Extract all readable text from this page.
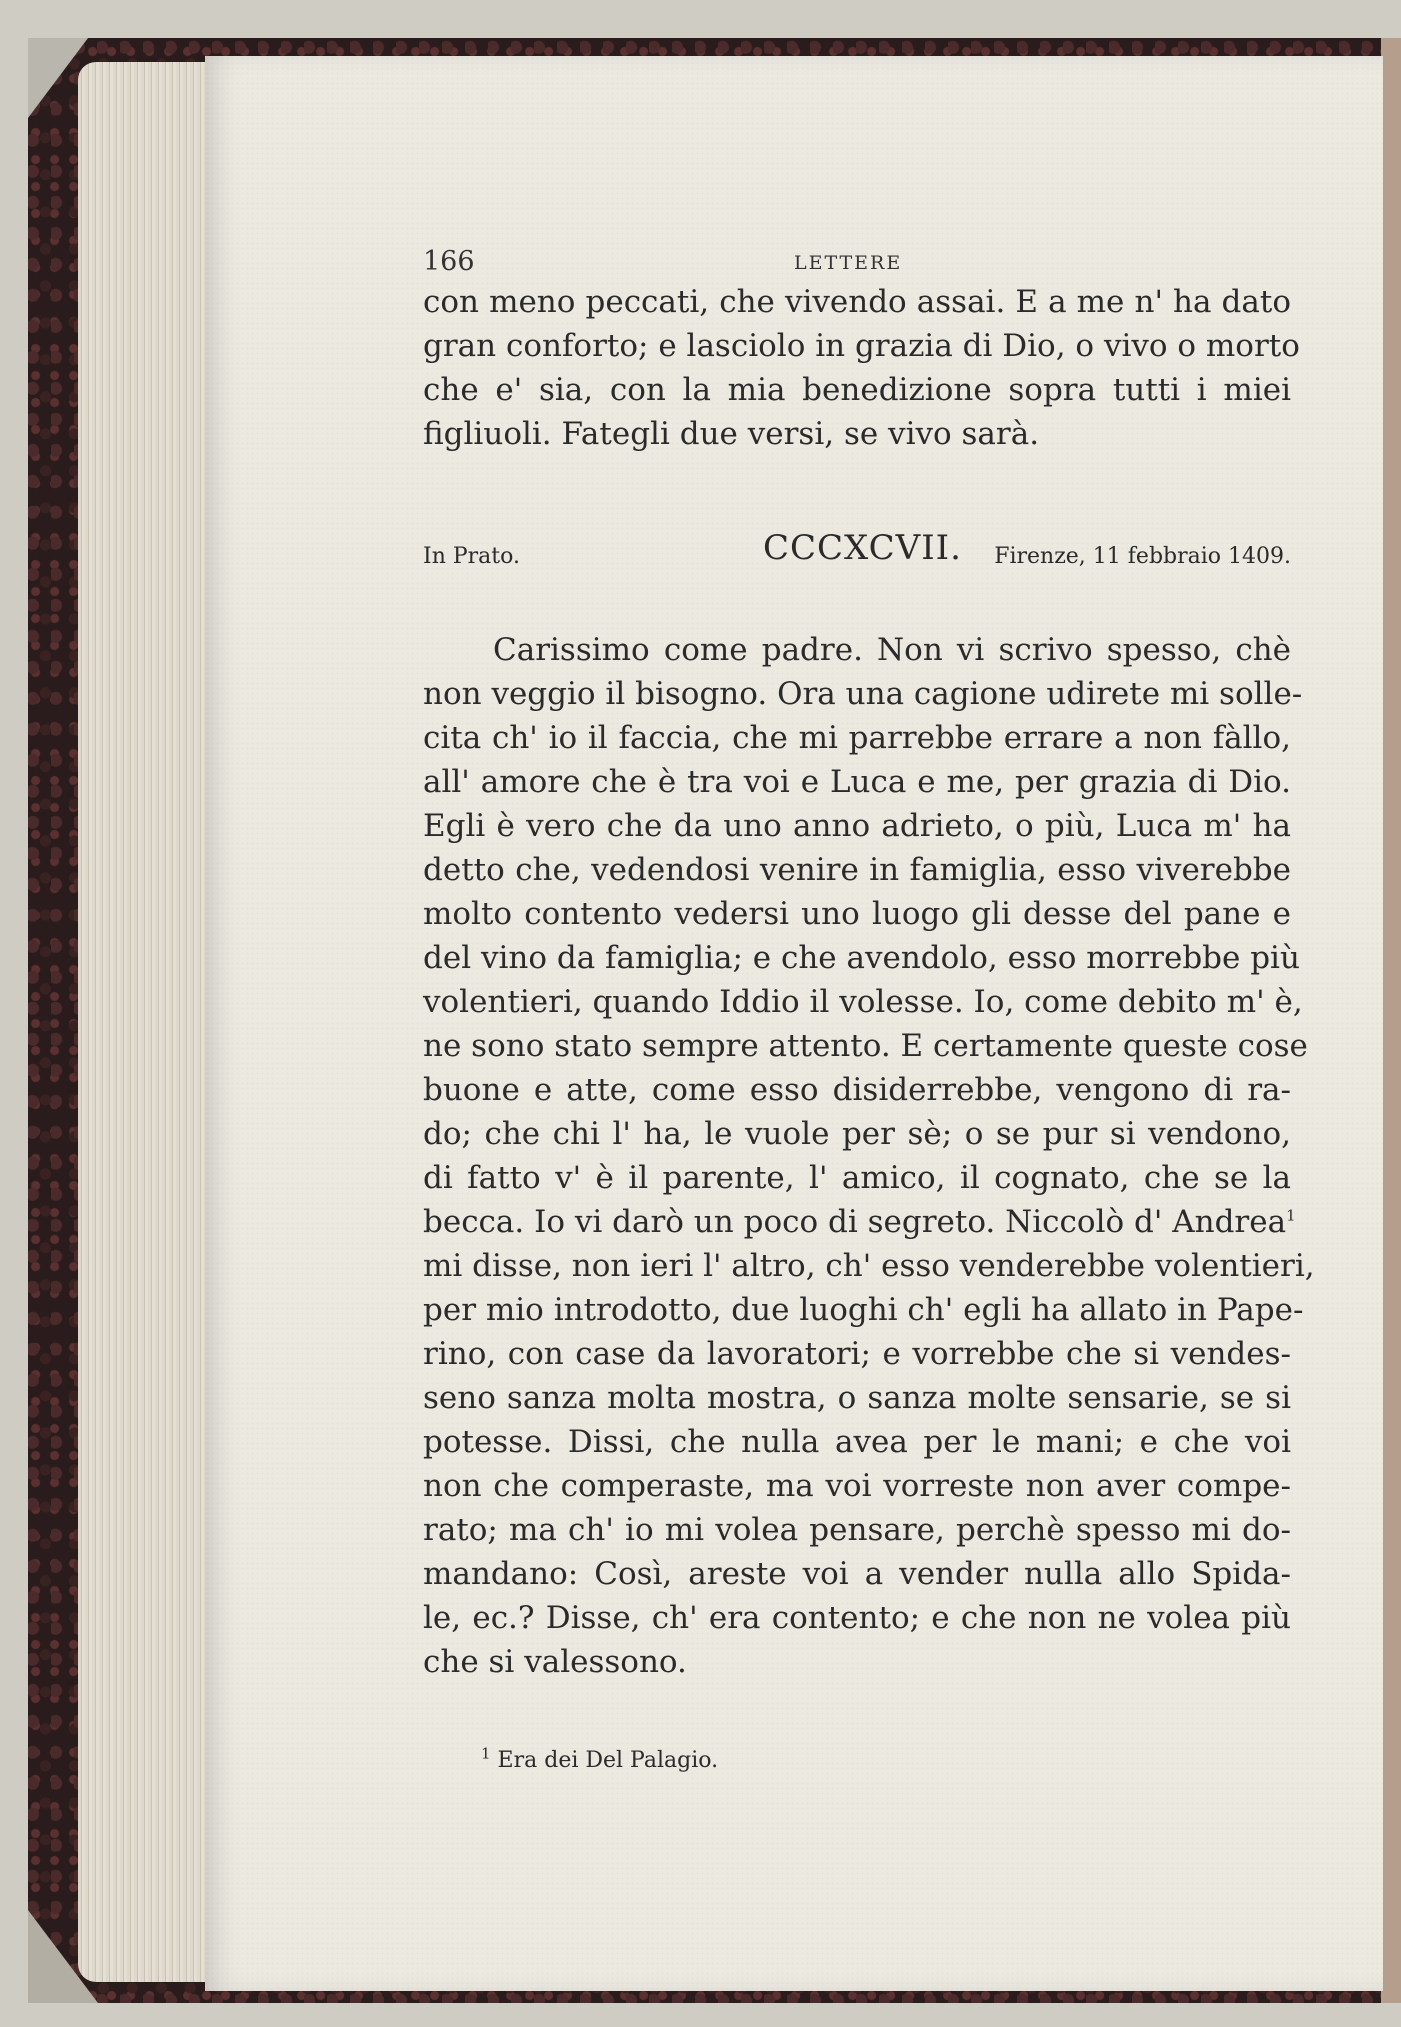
166	LETTERE
con meno peccati, che vivendo assai. E a me n' ha dato
gran conforto; e lasciolo in grazia di Dio, o vivo o morto
che e' sia, con la mia benedizione sopra tutti i miei
figliuoli. Fategli due versi, se vivo sarà.
In Prato.	CCCXCVII. Firenze, 11 febbraio 1409.
Carissimo come padre. Non vi scrivo spesso, chè
non veggio il bisogno. Ora una cagione udirete mi solle-
cita ch' io il faccia, che mi parrebbe errare a non fàllo,
all' amore che è tra voi e Luca e me, per grazia di Dio.
Egli è vero che da uno anno adrieto, o più, Luca m' ha
detto che, vedendosi venire in famiglia, esso viverebbe
molto contento vedersi uno luogo gli desse del pane e
del vino da famiglia; e che avendolo, esso morrebbe più
volentieri, quando Iddio il volesse. Io, come debito m' è,
ne sono stato sempre attento. E certamente queste cose
buone e atte, come esso disiderrebbe, vengono di ra-
do; che chi l' ha, le vuole per sè; o se pur si vendono,
di fatto v' è il parente, l' amico, il cognato, che se la
becca. Io vi darò un poco di segreto. Niccolò d' Andrea$^1$
mi disse, non ieri l' altro, ch' esso venderebbe volentieri,
per mio introdotto, due luoghi ch' egli ha allato in Pape-
rino, con case da lavoratori; e vorrebbe che si vendes-
seno sanza molta mostra, o sanza molte sensarie, se si
potesse. Dissi, che nulla avea per le mani; e che voi
non che comperaste, ma voi vorreste non aver compe-
rato; ma ch' io mi volea pensare, perchè spesso mi do-
mandano: Così, areste voi a vender nulla allo Spida-
le, ec.? Disse, ch' era contento; e che non ne volea più
che si valessono.
$^1$ Era dei Del Palagio.
